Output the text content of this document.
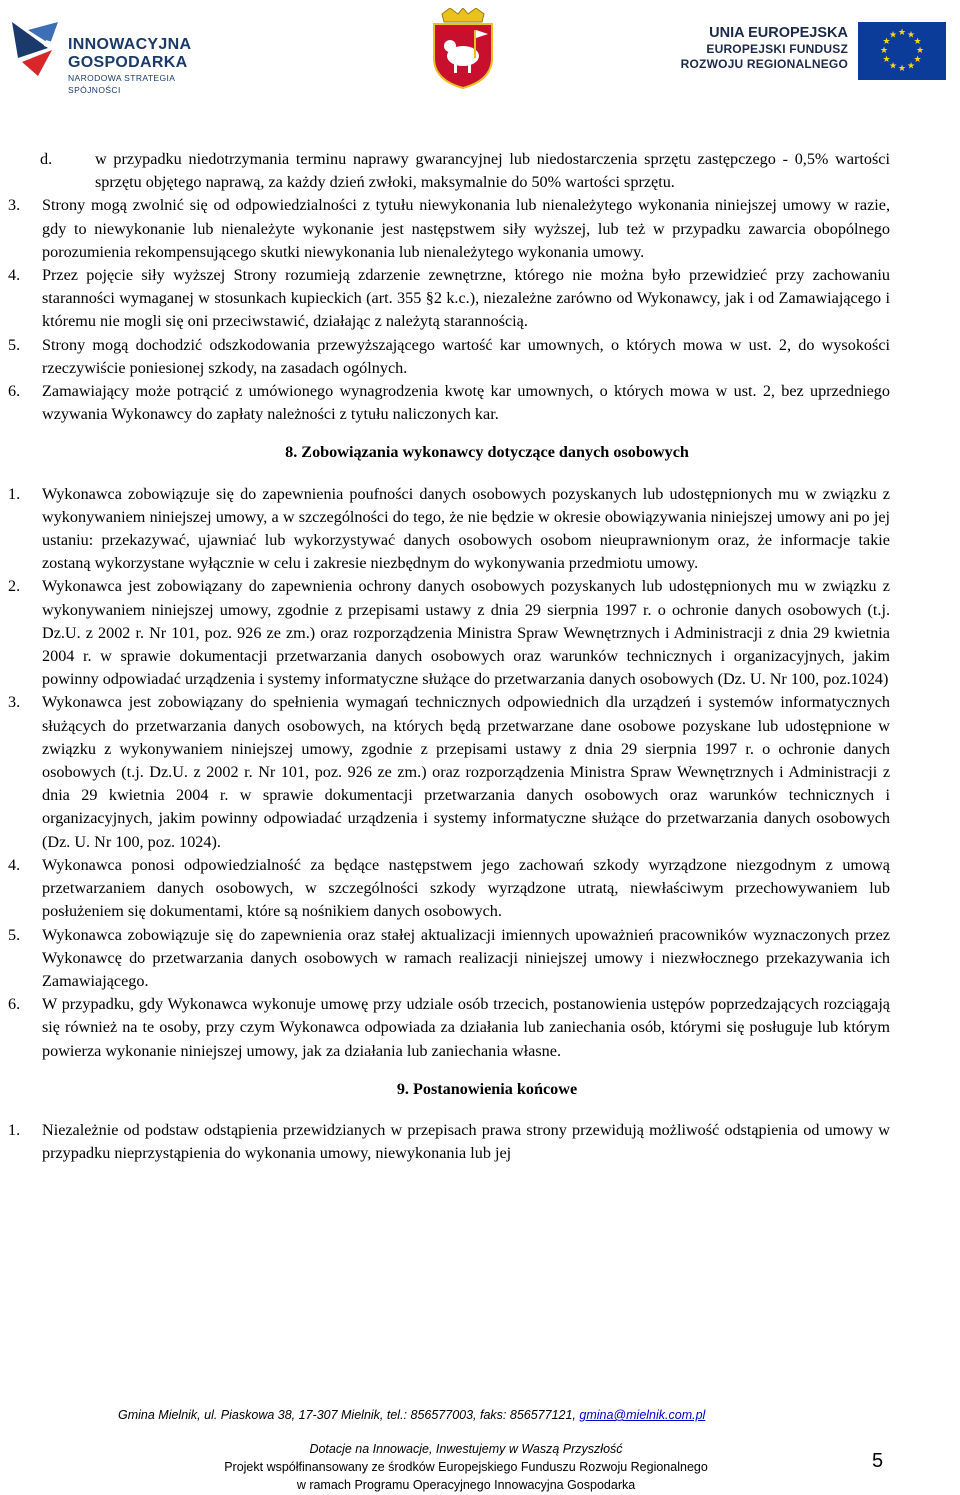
INNOWACYJNA
GOSPODARKA
NARODOWA STRATEGIA SPÓJNOŚCI
UNIA EUROPEJSKA
EUROPEJSKI FUNDUSZ
ROZWOJU REGIONALNEGO
★ ★
★
★
★
★
★
★
★
★
★
★
d.	w przypadku niedotrzymania terminu naprawy gwarancyjnej lub niedostarczenia sprzętu zastępczego - 0,5% wartości sprzętu objętego naprawą, za każdy dzień zwłoki, maksymalnie do 50% wartości sprzętu.
3. Strony mogą zwolnić się od odpowiedzialności z tytułu niewykonania lub nienależytego wykonania niniejszej umowy w razie, gdy to niewykonanie lub nienależyte wykonanie jest następstwem siły wyższej, lub też w przypadku zawarcia obopólnego porozumienia rekompensującego skutki niewykonania lub nienależytego wykonania umowy.
4. Przez pojęcie siły wyższej Strony rozumieją zdarzenie zewnętrzne, którego nie można było przewidzieć przy zachowaniu staranności wymaganej w stosunkach kupieckich (art. 355 §2 k.c.), niezależne zarówno od Wykonawcy, jak i od Zamawiającego i któremu nie mogli się oni przeciwstawić, działając z należytą starannością.
5. Strony mogą dochodzić odszkodowania przewyższającego wartość kar umownych, o których mowa w ust. 2, do wysokości rzeczywiście poniesionej szkody, na zasadach ogólnych.
6. Zamawiający może potrącić z umówionego wynagrodzenia kwotę kar umownych, o których mowa w ust. 2, bez uprzedniego wzywania Wykonawcy do zapłaty należności z tytułu naliczonych kar.
8. Zobowiązania wykonawcy dotyczące danych osobowych
1. Wykonawca zobowiązuje się do zapewnienia poufności danych osobowych pozyskanych lub udostępnionych mu w związku z wykonywaniem niniejszej umowy, a w szczególności do tego, że nie będzie w okresie obowiązywania niniejszej umowy ani po jej ustaniu: przekazywać, ujawniać lub wykorzystywać danych osobowych osobom nieuprawnionym oraz, że informacje takie zostaną wykorzystane wyłącznie w celu i zakresie niezbędnym do wykonywania przedmiotu umowy.
2. Wykonawca jest zobowiązany do zapewnienia ochrony danych osobowych pozyskanych lub udostępnionych mu w związku z wykonywaniem niniejszej umowy, zgodnie z przepisami ustawy z dnia 29 sierpnia 1997 r. o ochronie danych osobowych (t.j. Dz.U. z 2002 r. Nr 101, poz. 926 ze zm.) oraz rozporządzenia Ministra Spraw Wewnętrznych i Administracji z dnia 29 kwietnia 2004 r. w sprawie dokumentacji przetwarzania danych osobowych oraz warunków technicznych i organizacyjnych, jakim powinny odpowiadać urządzenia i systemy informatyczne służące do przetwarzania danych osobowych (Dz. U. Nr 100, poz.1024)
3. Wykonawca jest zobowiązany do spełnienia wymagań technicznych odpowiednich dla urządzeń i systemów informatycznych służących do przetwarzania danych osobowych, na których będą przetwarzane dane osobowe pozyskane lub udostępnione w związku z wykonywaniem niniejszej umowy, zgodnie z przepisami ustawy z dnia 29 sierpnia 1997 r. o ochronie danych osobowych (t.j. Dz.U. z 2002 r. Nr 101, poz. 926 ze zm.) oraz rozporządzenia Ministra Spraw Wewnętrznych i Administracji z dnia 29 kwietnia 2004 r. w sprawie dokumentacji przetwarzania danych osobowych oraz warunków technicznych i organizacyjnych, jakim powinny odpowiadać urządzenia i systemy informatyczne służące do przetwarzania danych osobowych (Dz. U. Nr 100, poz. 1024).
4. Wykonawca ponosi odpowiedzialność za będące następstwem jego zachowań szkody wyrządzone niezgodnym z umową przetwarzaniem danych osobowych, w szczególności szkody wyrządzone utratą, niewłaściwym przechowywaniem lub posłużeniem się dokumentami, które są nośnikiem danych osobowych.
5. Wykonawca zobowiązuje się do zapewnienia oraz stałej aktualizacji imiennych upoważnień pracowników wyznaczonych przez Wykonawcę do przetwarzania danych osobowych w ramach realizacji niniejszej umowy i niezwłocznego przekazywania ich Zamawiającego.
6. W przypadku, gdy Wykonawca wykonuje umowę przy udziale osób trzecich, postanowienia ustępów poprzedzających rozciągają się również na te osoby, przy czym Wykonawca odpowiada za działania lub zaniechania osób, którymi się posługuje lub którym powierza wykonanie niniejszej umowy, jak za działania lub zaniechania własne.
9. Postanowienia końcowe
1. Niezależnie od podstaw odstąpienia przewidzianych w przepisach prawa strony przewidują możliwość odstąpienia od umowy w przypadku nieprzystąpienia do wykonania umowy, niewykonania lub jej
Gmina Mielnik, ul. Piaskowa 38, 17-307 Mielnik, tel.: 856577003, faks: 856577121, gmina@mielnik.com.pl
Dotacje na Innowacje, Inwestujemy w Waszą Przyszłość
Projekt współfinansowany ze środków Europejskiego Funduszu Rozwoju Regionalnego
w ramach Programu Operacyjnego Innowacyjna Gospodarka
5
